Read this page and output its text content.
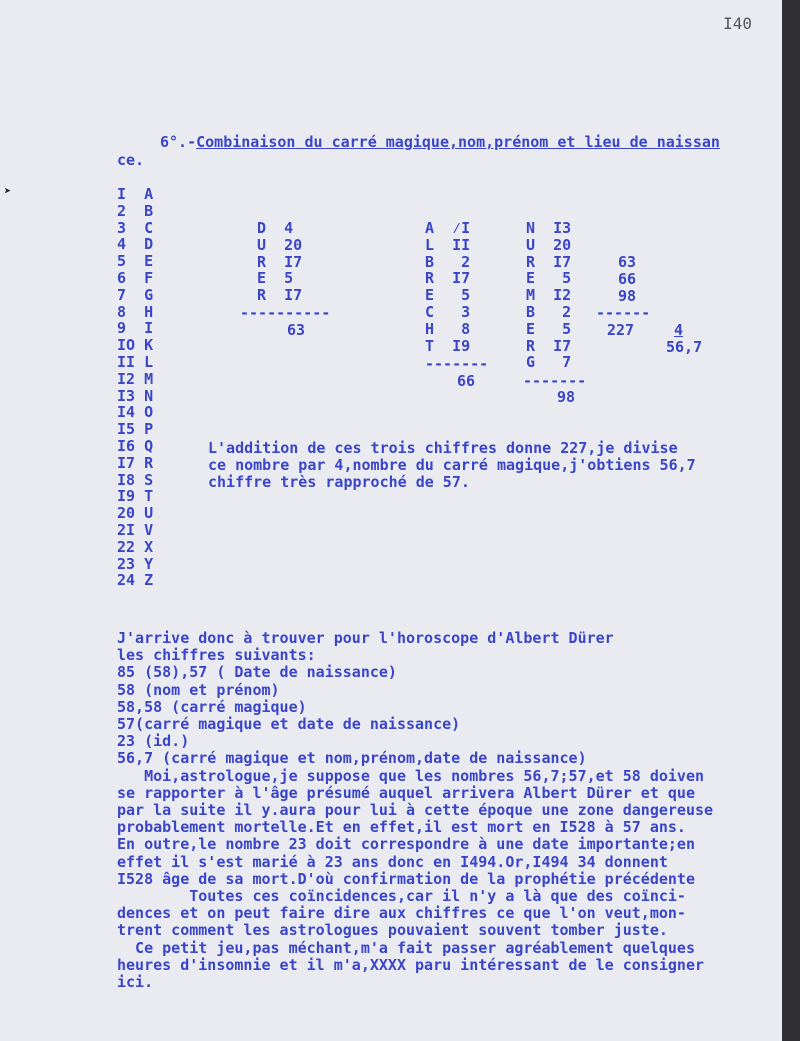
I40
➤
6°.-Combinaison du carré magique,nom,prénom et lieu de naissan
ce.
I  A
2  B
3  C
4  D
5  E
6  F
7  G
8  H
9  I
IO K
II L
I2 M
I3 N
I4 O
I5 P
I6 Q
I7 R
I8 S
I9 T
20 U
2I V
22 X
23 Y
24 Z
D  4
U  20
R  I7
E  5
R  I7
----------
63
A  ⁄I
L  II
B   2
R  I7
E   5
C   3
H   8
T  I9
-------
66
N  I3
U  20
R  I7
E   5
M  I2
B   2
E   5
R  I7
G   7
-------
98
63
66
98
------
227	4
56,7
L'addition de ces trois chiffres donne 227,je divise
ce nombre par 4,nombre du carré magique,j'obtiens 56,7
chiffre très rapproché de 57.
J'arrive donc à trouver pour l'horoscope d'Albert Dürer
les chiffres suivants:
85 (58),57 ( Date de naissance)
58 (nom et prénom)
58,58 (carré magique)
57(carré magique et date de naissance)
23 (id.)
56,7 (carré magique et nom,prénom,date de naissance)
Moi,astrologue,je suppose que les nombres 56,7;57,et 58 doiven
se rapporter à l'âge présumé auquel arrivera Albert Dürer et que
par la suite il y.aura pour lui à cette époque une zone dangereuse
probablement mortelle.Et en effet,il est mort en I528 à 57 ans.
En outre,le nombre 23 doit correspondre à une date importante;en
effet il s'est marié à 23 ans donc en I494.Or,I494 34 donnent
I528 âge de sa mort.D'où confirmation de la prophétie précédente
Toutes ces coïncidences,car il n'y a là que des coïnci-
dences et on peut faire dire aux chiffres ce que l'on veut,mon-
trent comment les astrologues pouvaient souvent tomber juste.
Ce petit jeu,pas méchant,m'a fait passer agréablement quelques
heures d'insomnie et il m'a,XXXX paru intéressant de le consigner
ici.
